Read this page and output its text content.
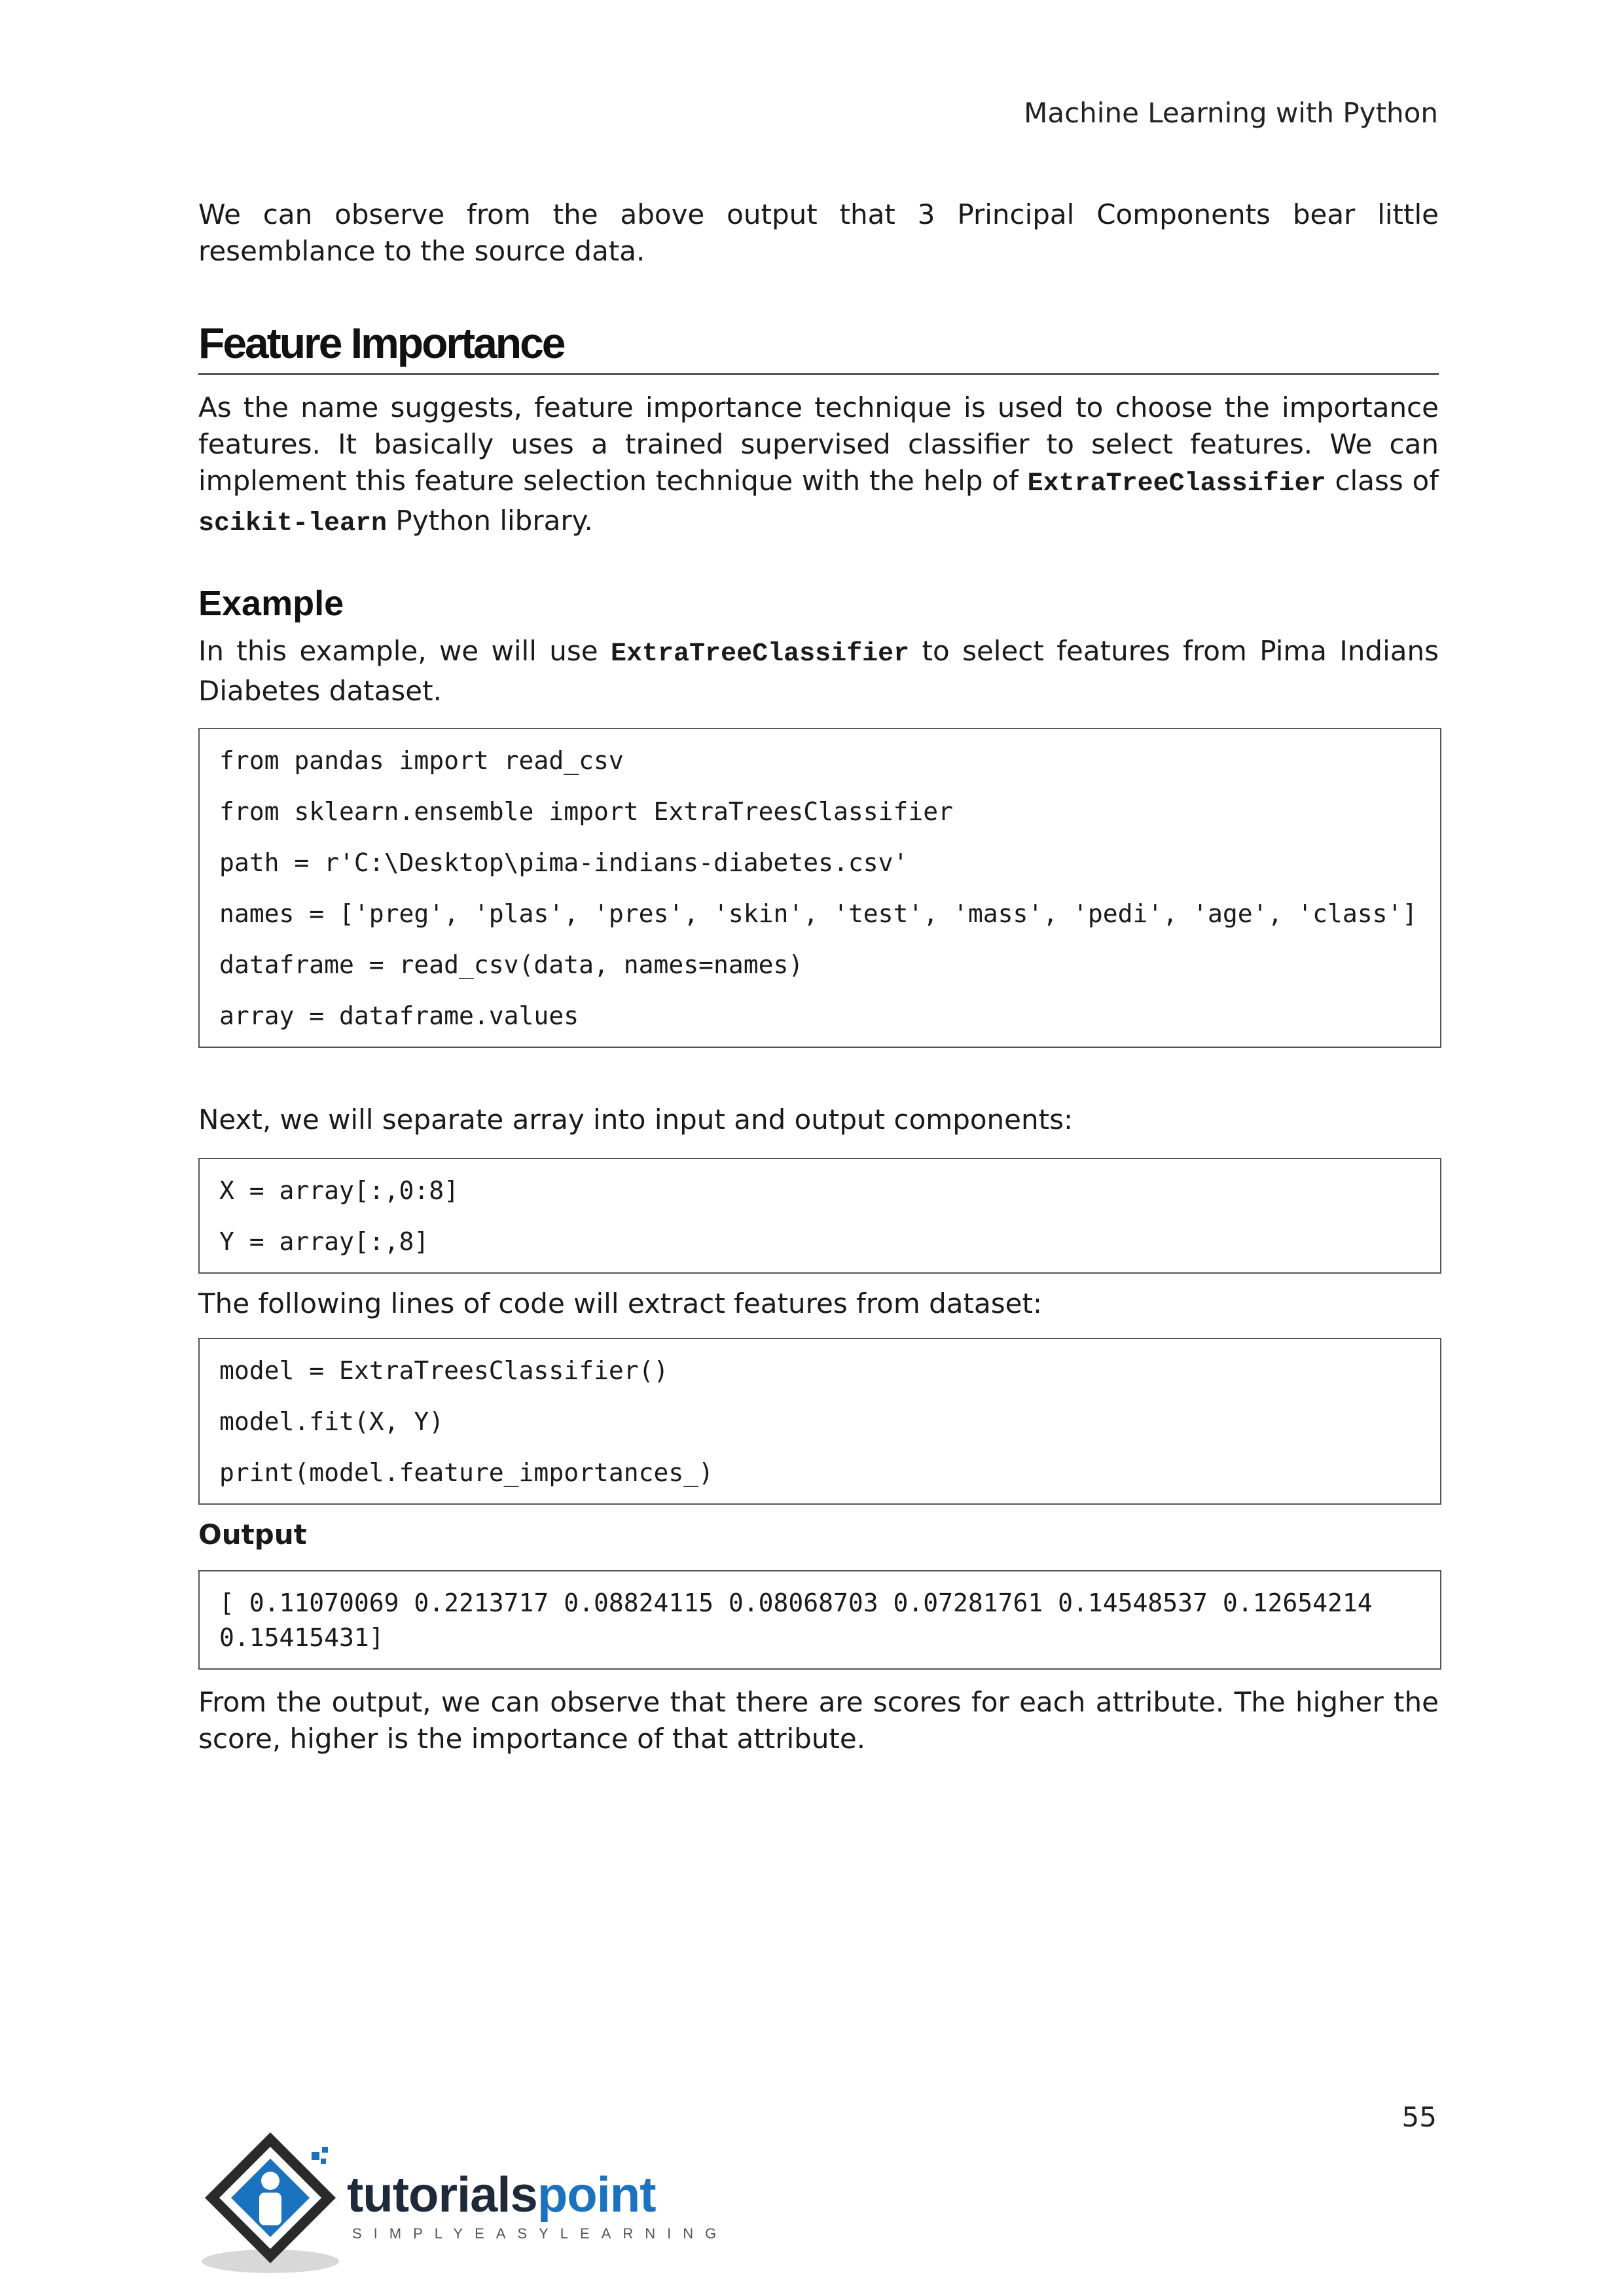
Machine Learning with Python

We can observe from the above output that 3 Principal Components bear little resemblance to the source data.

Feature Importance

As the name suggests, feature importance technique is used to choose the importance features. It basically uses a trained supervised classifier to select features. We can implement this feature selection technique with the help of ExtraTreeClassifier class of scikit-learn Python library.

Example

In this example, we will use ExtraTreeClassifier to select features from Pima Indians Diabetes dataset.

from pandas import read_csv
from sklearn.ensemble import ExtraTreesClassifier
path = r'C:\Desktop\pima-indians-diabetes.csv'
names = ['preg', 'plas', 'pres', 'skin', 'test', 'mass', 'pedi', 'age', 'class']
dataframe = read_csv(data, names=names)
array = dataframe.values

Next, we will separate array into input and output components:

X = array[:,0:8]
Y = array[:,8]

The following lines of code will extract features from dataset:

model = ExtraTreesClassifier()
model.fit(X, Y)
print(model.feature_importances_)
Output
[ 0.11070069 0.2213717 0.08824115 0.08068703 0.07281761 0.14548537 0.12654214 0.15415431]

From the output, we can observe that there are scores for each attribute. The higher the score, higher is the importance of that attribute.

55
tutorialspoint
SIMPLYEASYLEARNING
